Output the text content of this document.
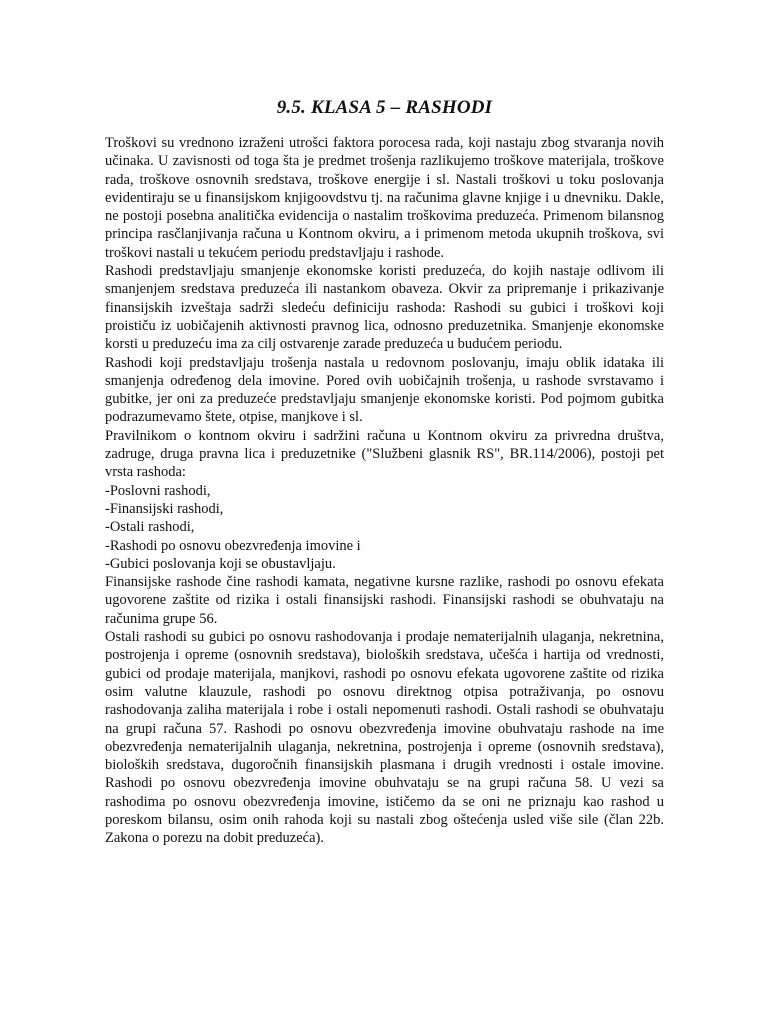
9.5. KLASA 5 – RASHODI

Troškovi su vrednono izraženi utrošci faktora porocesa rada, koji nastaju zbog stvaranja novih učinaka. U zavisnosti od toga šta je predmet trošenja razlikujemo troškove materijala, troškove rada, troškove osnovnih sredstava, troškove energije i sl. Nastali troškovi u toku poslovanja evidentiraju se u finansijskom knjigoovdstvu tj. na računima glavne knjige i u dnevniku. Dakle, ne postoji posebna analitička evidencija o nastalim troškovima preduzeća. Primenom bilansnog principa rasčlanjivanja računa u Kontnom okviru, a i primenom metoda ukupnih troškova, svi troškovi nastali u tekućem periodu predstavljaju i rashode.

Rashodi predstavljaju smanjenje ekonomske koristi preduzeća, do kojih nastaje odlivom ili smanjenjem sredstava preduzeća ili nastankom obaveza. Okvir za pripremanje i prikazivanje finansijskih izveštaja sadrži sledeću definiciju rashoda: Rashodi su gubici i troškovi koji proističu iz uobičajenih aktivnosti pravnog lica, odnosno preduzetnika. Smanjenje ekonomske korsti u preduzeću ima za cilj ostvarenje zarade preduzeća u budućem periodu.

Rashodi koji predstavljaju trošenja nastala u redovnom poslovanju, imaju oblik idataka ili smanjenja određenog dela imovine. Pored ovih uobičajnih trošenja, u rashode svrstavamo i gubitke, jer oni za preduzeće predstavljaju smanjenje ekonomske koristi. Pod pojmom gubitka podrazumevamo štete, otpise, manjkove i sl.

Pravilnikom o kontnom okviru i sadržini računa u Kontnom okviru za privredna društva, zadruge, druga pravna lica i preduzetnike ("Službeni glasnik RS", BR.114/2006), postoji pet vrsta rashoda:

-Poslovni rashodi,
-Finansijski rashodi,
-Ostali rashodi,
-Rashodi po osnovu obezvređenja imovine i
-Gubici poslovanja koji se obustavljaju.

Finansijske rashode čine rashodi kamata, negativne kursne razlike, rashodi po osnovu efekata ugovorene zaštite od rizika i ostali finansijski rashodi. Finansijski rashodi se obuhvataju na računima grupe 56.

Ostali rashodi su gubici po osnovu rashodovanja i prodaje nematerijalnih ulaganja, nekretnina, postrojenja i opreme (osnovnih sredstava), bioloških sredstava, učešća i hartija od vrednosti, gubici od prodaje materijala, manjkovi, rashodi po osnovu efekata ugovorene zaštite od rizika osim valutne klauzule, rashodi po osnovu direktnog otpisa potraživanja, po osnovu rashodovanja zaliha materijala i robe i ostali nepomenuti rashodi. Ostali rashodi se obuhvataju na grupi računa 57. Rashodi po osnovu obezvređenja imovine obuhvataju rashode na ime obezvređenja nematerijalnih ulaganja, nekretnina, postrojenja i opreme (osnovnih sredstava), bioloških sredstava, dugoročnih finansijskih plasmana i drugih vrednosti i ostale imovine. Rashodi po osnovu obezvređenja imovine obuhvataju se na grupi računa 58. U vezi sa rashodima po osnovu obezvređenja imovine, ističemo da se oni ne priznaju kao rashod u poreskom bilansu, osim onih rahoda koji su nastali zbog oštećenja usled više sile (član 22b. Zakona o porezu na dobit preduzeća).
